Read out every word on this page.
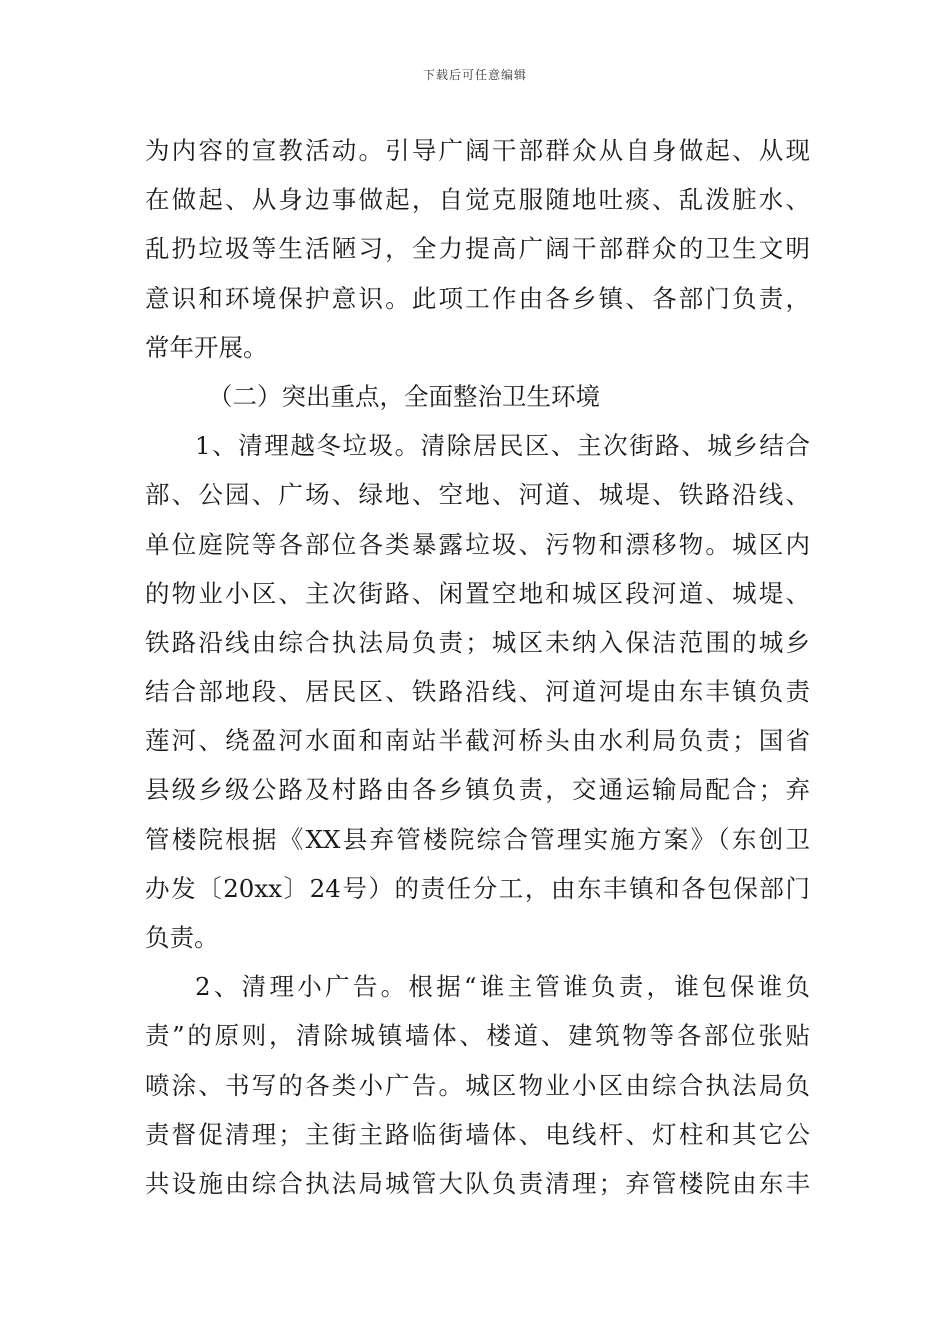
下载后可任意编辑
为内容的宣教活动。引导广阔干部群众从自身做起、从现
在做起、从身边事做起，自觉克服随地吐痰、乱泼脏水、
乱扔垃圾等生活陋习，全力提高广阔干部群众的卫生文明
意识和环境保护意识。此项工作由各乡镇、各部门负责，
常年开展。
（二）突出重点，全面整治卫生环境
1、清理越冬垃圾。清除居民区、主次街路、城乡结合
部、公园、广场、绿地、空地、河道、城堤、铁路沿线、
单位庭院等各部位各类暴露垃圾、污物和漂移物。城区内
的物业小区、主次街路、闲置空地和城区段河道、城堤、
铁路沿线由综合执法局负责；城区未纳入保洁范围的城乡
结合部地段、居民区、铁路沿线、河道河堤由东丰镇负责
莲河、绕盈河水面和南站半截河桥头由水利局负责；国省
县级乡级公路及村路由各乡镇负责，交通运输局配合；弃
管楼院根据《XX县弃管楼院综合管理实施方案》（东创卫
办发〔20xx〕24号）的责任分工，由东丰镇和各包保部门
负责。
2、清理小广告。根据“谁主管谁负责，谁包保谁负
责”的原则，清除城镇墙体、楼道、建筑物等各部位张贴
喷涂、书写的各类小广告。城区物业小区由综合执法局负
责督促清理；主街主路临街墙体、电线杆、灯柱和其它公
共设施由综合执法局城管大队负责清理；弃管楼院由东丰
